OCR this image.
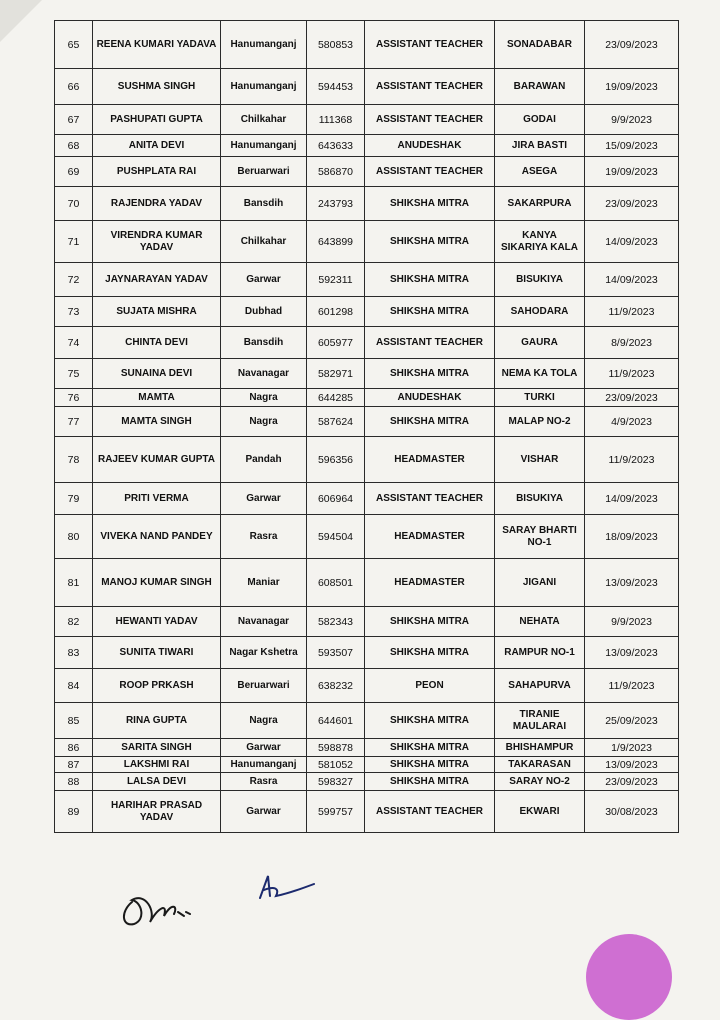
65	REENA KUMARI YADAVA	Hanumanganj	580853	ASSISTANT TEACHER	SONADABAR	23/09/2023
66	SUSHMA SINGH	Hanumanganj	594453	ASSISTANT TEACHER	BARAWAN	19/09/2023
67	PASHUPATI GUPTA	Chilkahar	111368	ASSISTANT TEACHER	GODAI	9/9/2023
68	ANITA DEVI	Hanumanganj	643633	ANUDESHAK	JIRA BASTI	15/09/2023
69	PUSHPLATA RAI	Beruarwari	586870	ASSISTANT TEACHER	ASEGA	19/09/2023
70	RAJENDRA YADAV	Bansdih	243793	SHIKSHA MITRA	SAKARPURA	23/09/2023
71	VIRENDRA KUMAR YADAV	Chilkahar	643899	SHIKSHA MITRA	KANYA SIKARIYA KALA	14/09/2023
72	JAYNARAYAN YADAV	Garwar	592311	SHIKSHA MITRA	BISUKIYA	14/09/2023
73	SUJATA MISHRA	Dubhad	601298	SHIKSHA MITRA	SAHODARA	11/9/2023
74	CHINTA DEVI	Bansdih	605977	ASSISTANT TEACHER	GAURA	8/9/2023
75	SUNAINA DEVI	Navanagar	582971	SHIKSHA MITRA	NEMA KA TOLA	11/9/2023
76	MAMTA	Nagra	644285	ANUDESHAK	TURKI	23/09/2023
77	MAMTA SINGH	Nagra	587624	SHIKSHA MITRA	MALAP NO-2	4/9/2023
78	RAJEEV KUMAR GUPTA	Pandah	596356	HEADMASTER	VISHAR	11/9/2023
79	PRITI VERMA	Garwar	606964	ASSISTANT TEACHER	BISUKIYA	14/09/2023
80	VIVEKA NAND PANDEY	Rasra	594504	HEADMASTER	SARAY BHARTI NO-1	18/09/2023
81	MANOJ KUMAR SINGH	Maniar	608501	HEADMASTER	JIGANI	13/09/2023
82	HEWANTI YADAV	Navanagar	582343	SHIKSHA MITRA	NEHATA	9/9/2023
83	SUNITA TIWARI	Nagar Kshetra	593507	SHIKSHA MITRA	RAMPUR NO-1	13/09/2023
84	ROOP PRKASH	Beruarwari	638232	PEON	SAHAPURVA	11/9/2023
85	RINA GUPTA	Nagra	644601	SHIKSHA MITRA	TIRANIE MAULARAI	25/09/2023
86	SARITA SINGH	Garwar	598878	SHIKSHA MITRA	BHISHAMPUR	1/9/2023
87	LAKSHMI RAI	Hanumanganj	581052	SHIKSHA MITRA	TAKARASAN	13/09/2023
88	LALSA DEVI	Rasra	598327	SHIKSHA MITRA	SARAY NO-2	23/09/2023
89	HARIHAR PRASAD YADAV	Garwar	599757	ASSISTANT TEACHER	EKWARI	30/08/2023
